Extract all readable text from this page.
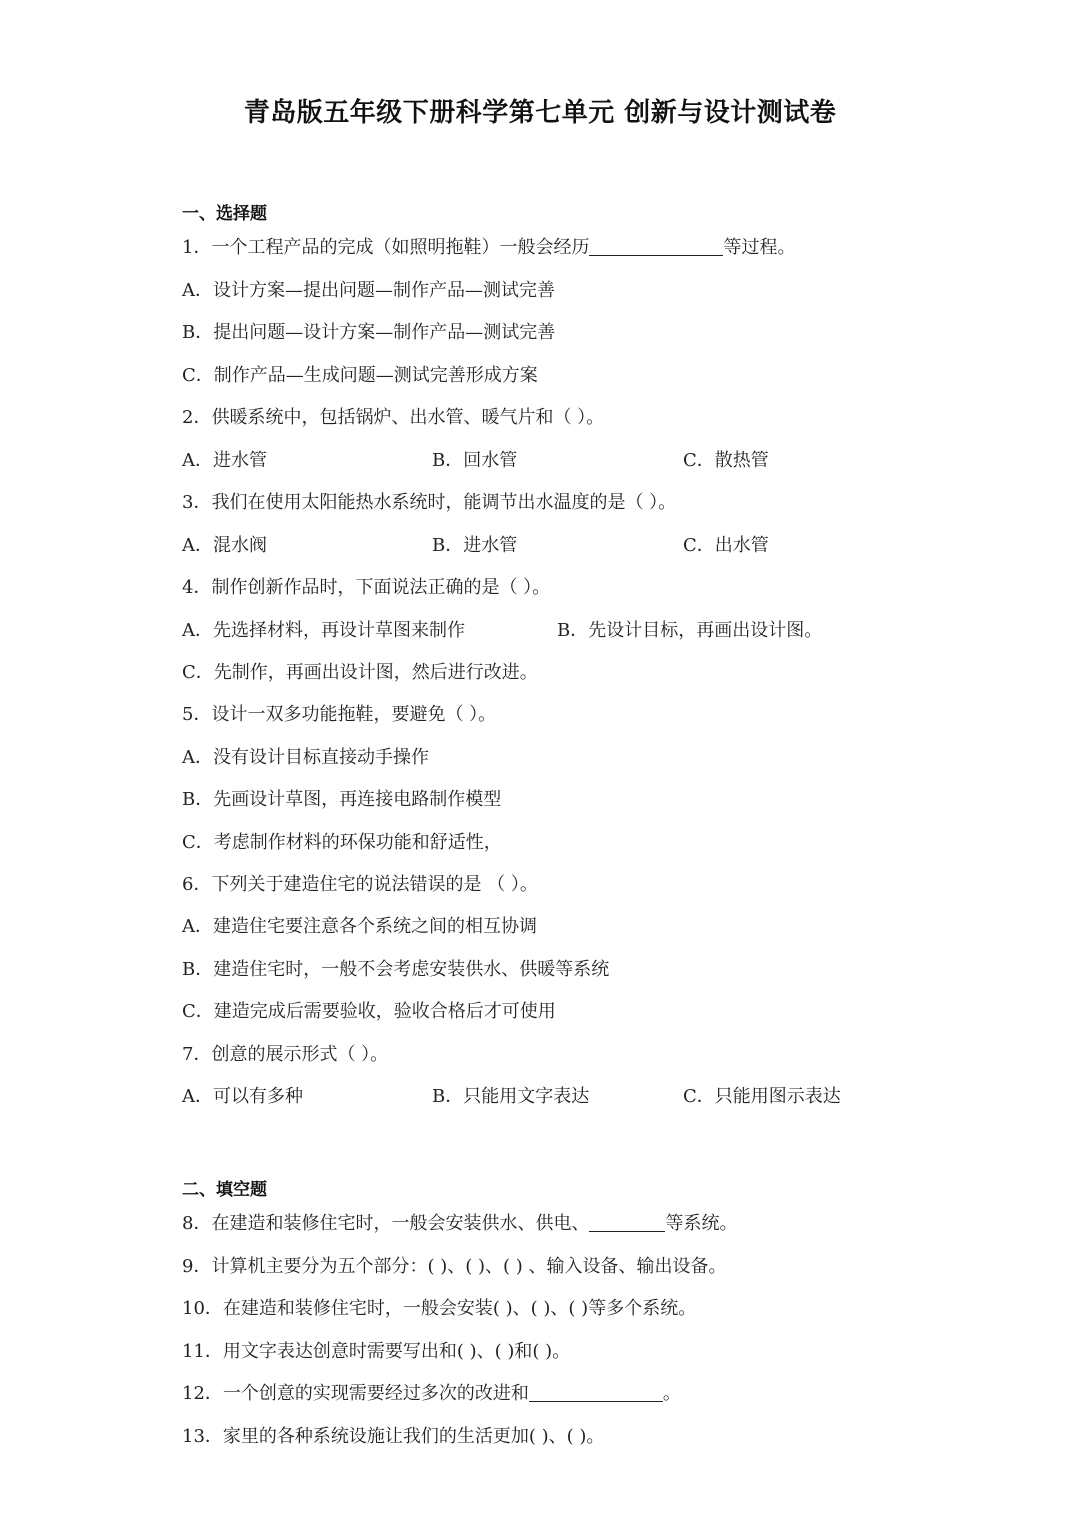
青岛版五年级下册科学第七单元 创新与设计测试卷
一、选择题
1．一个工程产品的完成（如照明拖鞋）一般会经历	等过程。
A．设计方案—提出问题—制作产品—测试完善
B．提出问题—设计方案—制作产品—测试完善
C．制作产品—生成问题—测试完善形成方案
2．供暖系统中，包括锅炉、出水管、暖气片和（ ）。
A．进水管	B．回水管	C．散热管
3．我们在使用太阳能热水系统时，能调节出水温度的是（ ）。
A．混水阀	B．进水管	C．出水管
4．制作创新作品时，下面说法正确的是（ ）。
A．先选择材料，再设计草图来制作	B．先设计目标，再画出设计图。
C．先制作，再画出设计图，然后进行改进。
5．设计一双多功能拖鞋，要避免（ ）。
A．没有设计目标直接动手操作
B．先画设计草图，再连接电路制作模型
C．考虑制作材料的环保功能和舒适性，
6．下列关于建造住宅的说法错误的是 （ ）。
A．建造住宅要注意各个系统之间的相互协调
B．建造住宅时，一般不会考虑安装供水、供暖等系统
C．建造完成后需要验收，验收合格后才可使用
7．创意的展示形式（ ）。
A．可以有多种	B．只能用文字表达	C．只能用图示表达
二、填空题
8．在建造和装修住宅时，一般会安装供水、供电、	等系统。
9．计算机主要分为五个部分：( )、( )、( ) 、输入设备、输出设备。
10．在建造和装修住宅时，一般会安装( )、( )、( )等多个系统。
11．用文字表达创意时需要写出和( )、( )和( )。
12．一个创意的实现需要经过多次的改进和	。
13．家里的各种系统设施让我们的生活更加( )、( )。
